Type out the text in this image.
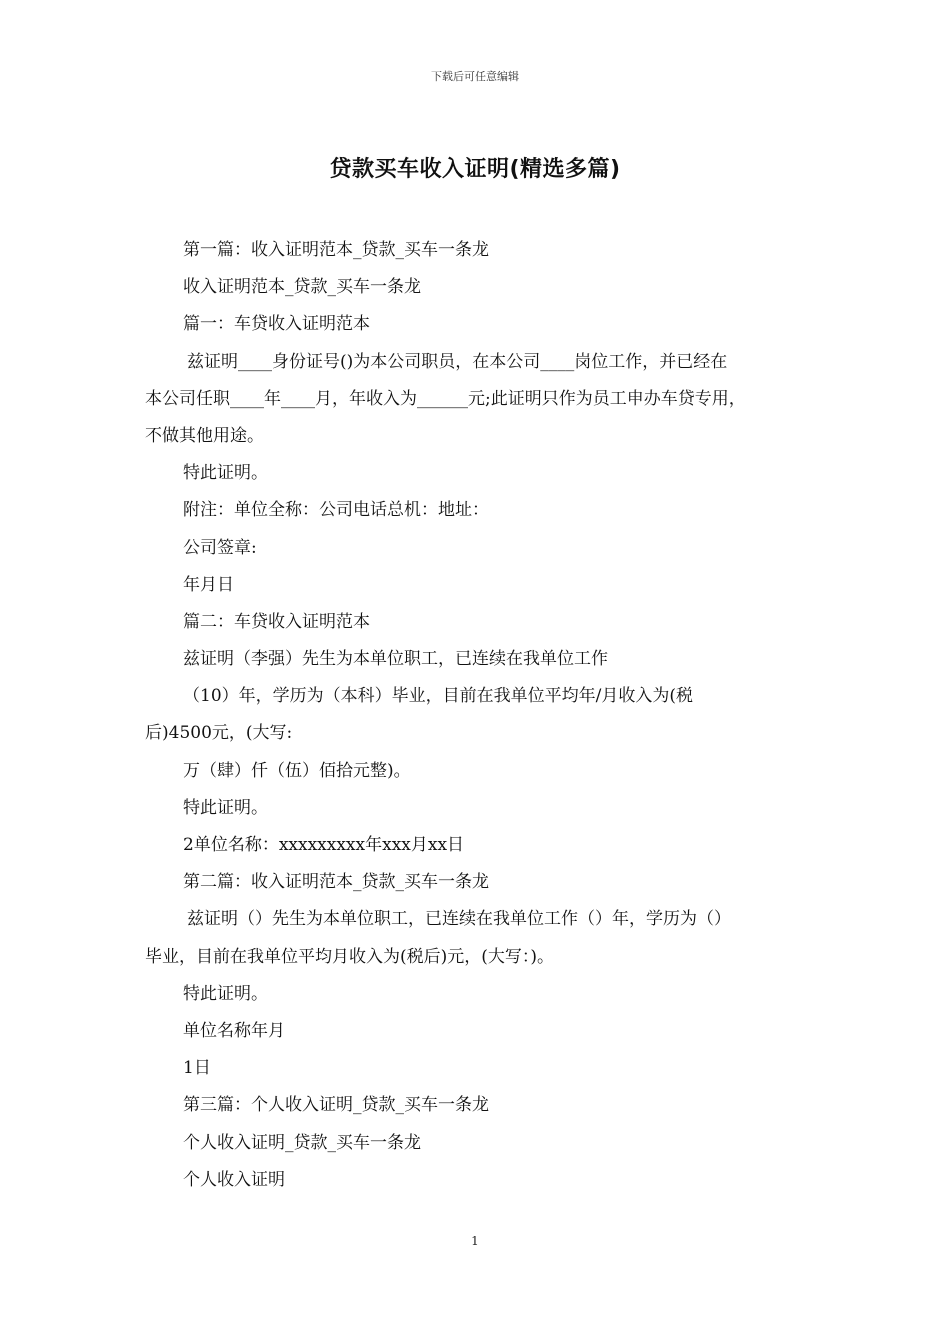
下载后可任意编辑
贷款买车收入证明(精选多篇)
第一篇：收入证明范本_贷款_买车一条龙
收入证明范本_贷款_买车一条龙
篇一：车贷收入证明范本
兹证明____身份证号()为本公司职员，在本公司____岗位工作，并已经在
本公司任职____年____月，年收入为______元;此证明只作为员工申办车贷专用，
不做其他用途。
特此证明。
附注：单位全称：公司电话总机：地址：
公司签章:
年月日
篇二：车贷收入证明范本
兹证明（李强）先生为本单位职工，已连续在我单位工作
（10）年，学历为（本科）毕业，目前在我单位平均年/月收入为(税
后)4500元，(大写:
万（肆）仟（伍）佰拾元整)。
特此证明。
2单位名称：xxxxxxxxx年xxx月xx日
第二篇：收入证明范本_贷款_买车一条龙
兹证明（）先生为本单位职工，已连续在我单位工作（）年，学历为（）
毕业，目前在我单位平均月收入为(税后)元，(大写：)。
特此证明。
单位名称年月
1日
第三篇：个人收入证明_贷款_买车一条龙
个人收入证明_贷款_买车一条龙
个人收入证明
1
